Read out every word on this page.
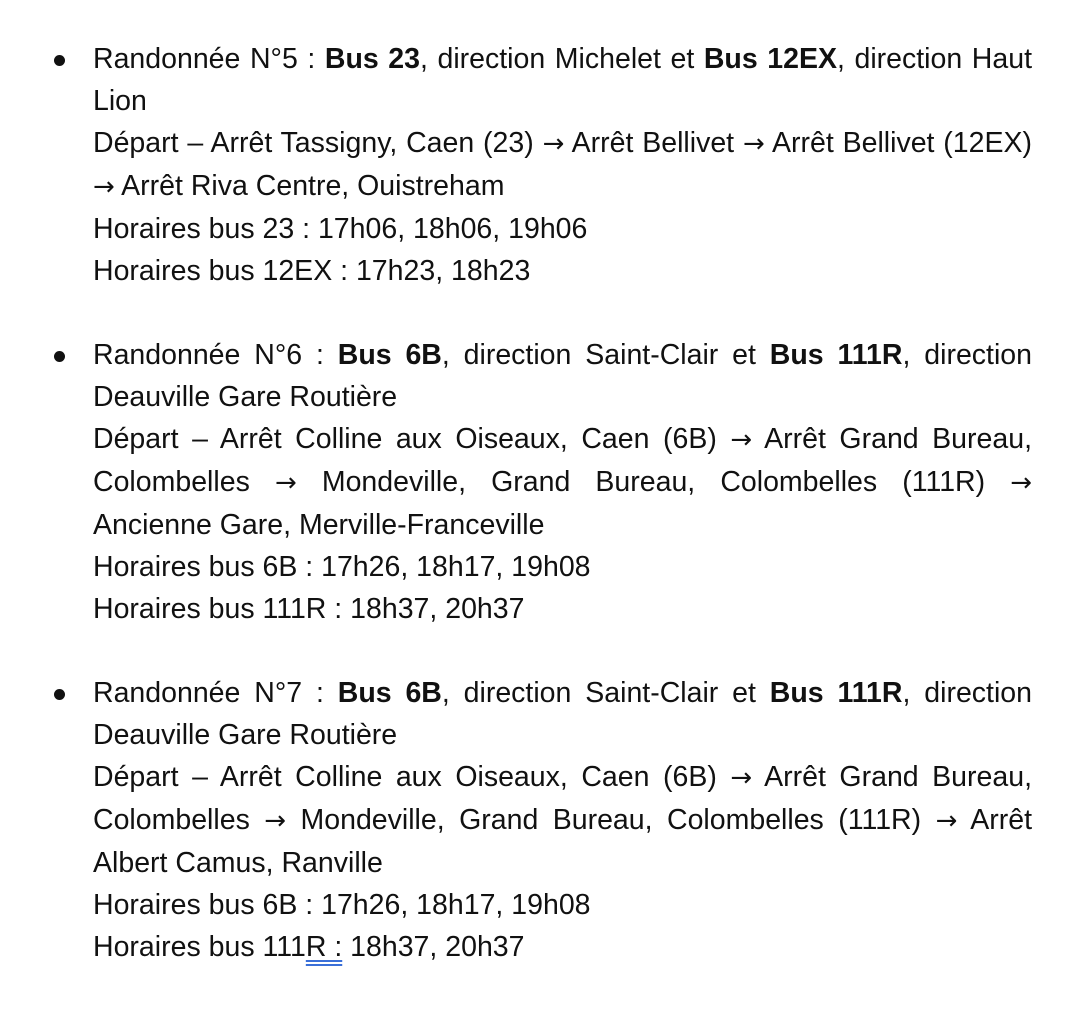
Randonnée N°5 : Bus 23, direction Michelet et Bus 12EX, direction Haut Lion
Départ – Arrêt Tassigny, Caen (23) → Arrêt Bellivet → Arrêt Bellivet (12EX) → Arrêt Riva Centre, Ouistreham
Horaires bus 23 : 17h06, 18h06, 19h06
Horaires bus 12EX : 17h23, 18h23
Randonnée N°6 : Bus 6B, direction Saint-Clair et Bus 111R, direction Deauville Gare Routière
Départ – Arrêt Colline aux Oiseaux, Caen (6B) → Arrêt Grand Bureau, Colombelles → Mondeville, Grand Bureau, Colombelles (111R) → Ancienne Gare, Merville-Franceville
Horaires bus 6B : 17h26, 18h17, 19h08
Horaires bus 111R : 18h37, 20h37
Randonnée N°7 : Bus 6B, direction Saint-Clair et Bus 111R, direction Deauville Gare Routière
Départ – Arrêt Colline aux Oiseaux, Caen (6B) → Arrêt Grand Bureau, Colombelles → Mondeville, Grand Bureau, Colombelles (111R) → Arrêt Albert Camus, Ranville
Horaires bus 6B : 17h26, 18h17, 19h08
Horaires bus 111R : 18h37, 20h37
